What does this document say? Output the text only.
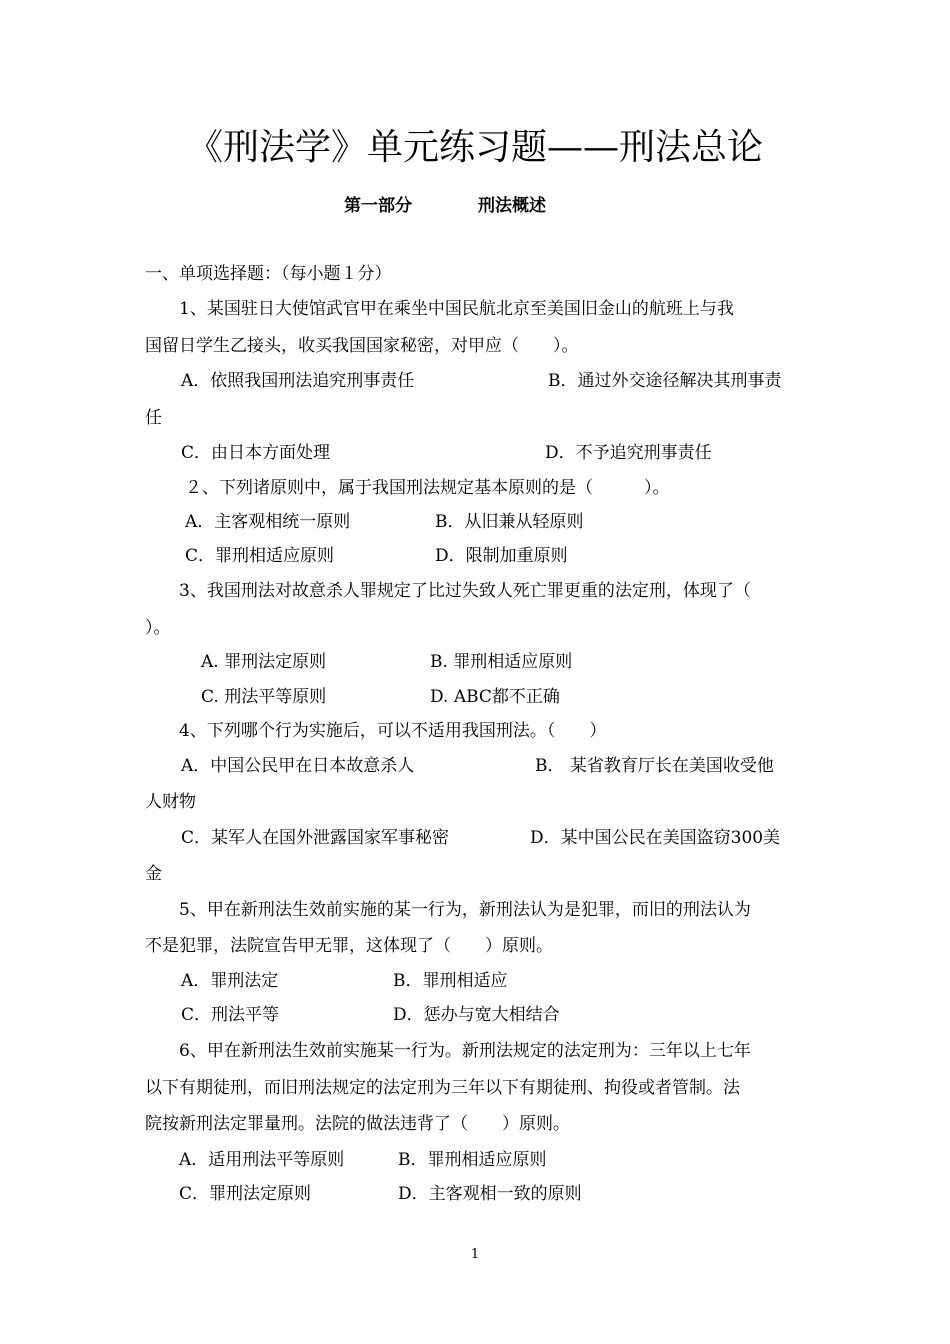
《刑法学》单元练习题——刑法总论
第一部分	刑法概述
一、单项选择题：（每小题１分）
1、某国驻日大使馆武官甲在乘坐中国民航北京至美国旧金山的航班上与我
国留日学生乙接头，收买我国国家秘密，对甲应（　　）。
A．依照我国刑法追究刑事责任	B．通过外交途径解决其刑事责
任
C．由日本方面处理	D．不予追究刑事责任
２、下列诸原则中，属于我国刑法规定基本原则的是（　　　）。
A．主客观相统一原则	B．从旧兼从轻原则
C．罪刑相适应原则	D．限制加重原则
3、我国刑法对故意杀人罪规定了比过失致人死亡罪更重的法定刑，体现了（
）。
A. 罪刑法定原则	B. 罪刑相适应原则
C. 刑法平等原则	D. ABC都不正确
4、下列哪个行为实施后，可以不适用我国刑法。（　　）
A．中国公民甲在日本故意杀人	B． 某省教育厅长在美国收受他
人财物
C．某军人在国外泄露国家军事秘密	D．某中国公民在美国盗窃300美
金
5、甲在新刑法生效前实施的某一行为，新刑法认为是犯罪，而旧的刑法认为
不是犯罪，法院宣告甲无罪，这体现了（　　）原则。
A．罪刑法定	B．罪刑相适应
C．刑法平等	D．惩办与宽大相结合
6、甲在新刑法生效前实施某一行为。新刑法规定的法定刑为：三年以上七年
以下有期徒刑，而旧刑法规定的法定刑为三年以下有期徒刑、拘役或者管制。法
院按新刑法定罪量刑。法院的做法违背了（　　）原则。
A．适用刑法平等原则	B．罪刑相适应原则
C．罪刑法定原则	D．主客观相一致的原则
1
